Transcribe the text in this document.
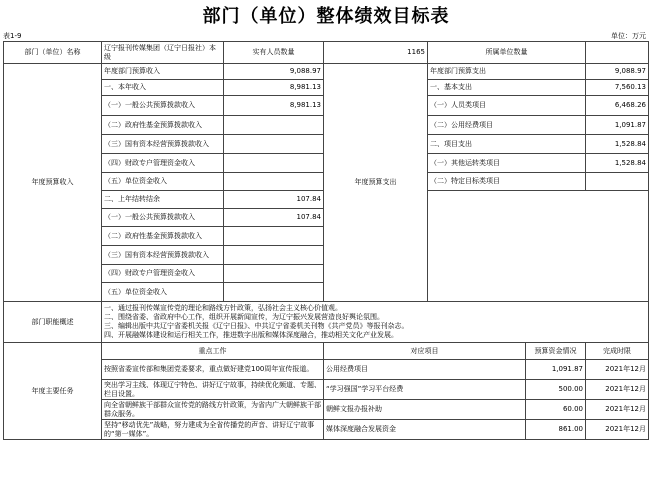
部门（单位）整体绩效目标表
表1-9	单位：万元
部门（单位）名称	辽宁报刊传媒集团（辽宁日报社）本级	实有人员数量	1165	所属单位数量		
年度预算收入	年度部门预算收入	9,088.97	年度预算支出	年度部门预算支出		9,088.97
	一、本年收入	8,981.13		一、基本支出		7,560.13
	（一）一般公共预算拨款收入	8,981.13		（一）人员类项目		6,468.26
	（二）政府性基金预算拨款收入			（二）公用经费项目		1,091.87
	（三）国有资本经营预算拨款收入			二、项目支出		1,528.84
	（四）财政专户管理资金收入			（一）其他运转类项目		1,528.84
	（五）单位资金收入			（二）特定目标类项目		
	二、上年结转结余	107.84				
	（一）一般公共预算拨款收入	107.84				
	（二）政府性基金预算拨款收入					
	（三）国有资本经营预算拨款收入					
	（四）财政专户管理资金收入					
	（五）单位资金收入					
部门职能概述	一、通过报刊传媒宣传党的理论和路线方针政策，弘扬社会主义核心价值观。
二、围绕省委、省政府中心工作，组织开展新闻宣传，为辽宁振兴发展营造良好舆论氛围。
三、编辑出版中共辽宁省委机关报《辽宁日报》、中共辽宁省委机关刊物《共产党员》等报刊杂志。
四、开展融媒体建设和运行相关工作，推进数字出版和媒体深度融合，推动相关文化产业发展。					

年度主要任务	重点工作		对应项目		预算资金情况	完成时限
	按照省委宣传部和集团党委要求，重点做好建党100周年宣传报道。		公用经费项目		1,091.87	2021年12月
	突出学习主线、体现辽宁特色、讲好辽宁故事，持续优化频道、专题、栏目设置。		“学习强国”学习平台经费		500.00	2021年12月
	向全省朝鲜族干部群众宣传党的路线方针政策，为省内广大朝鲜族干部群众服务。		朝鲜文报办报补助		60.00	2021年12月
	坚持“移动优先”战略，努力建成为全省传播党的声音、讲好辽宁故事的“第一媒体”。		媒体深度融合发展资金		861.00	2021年12月
